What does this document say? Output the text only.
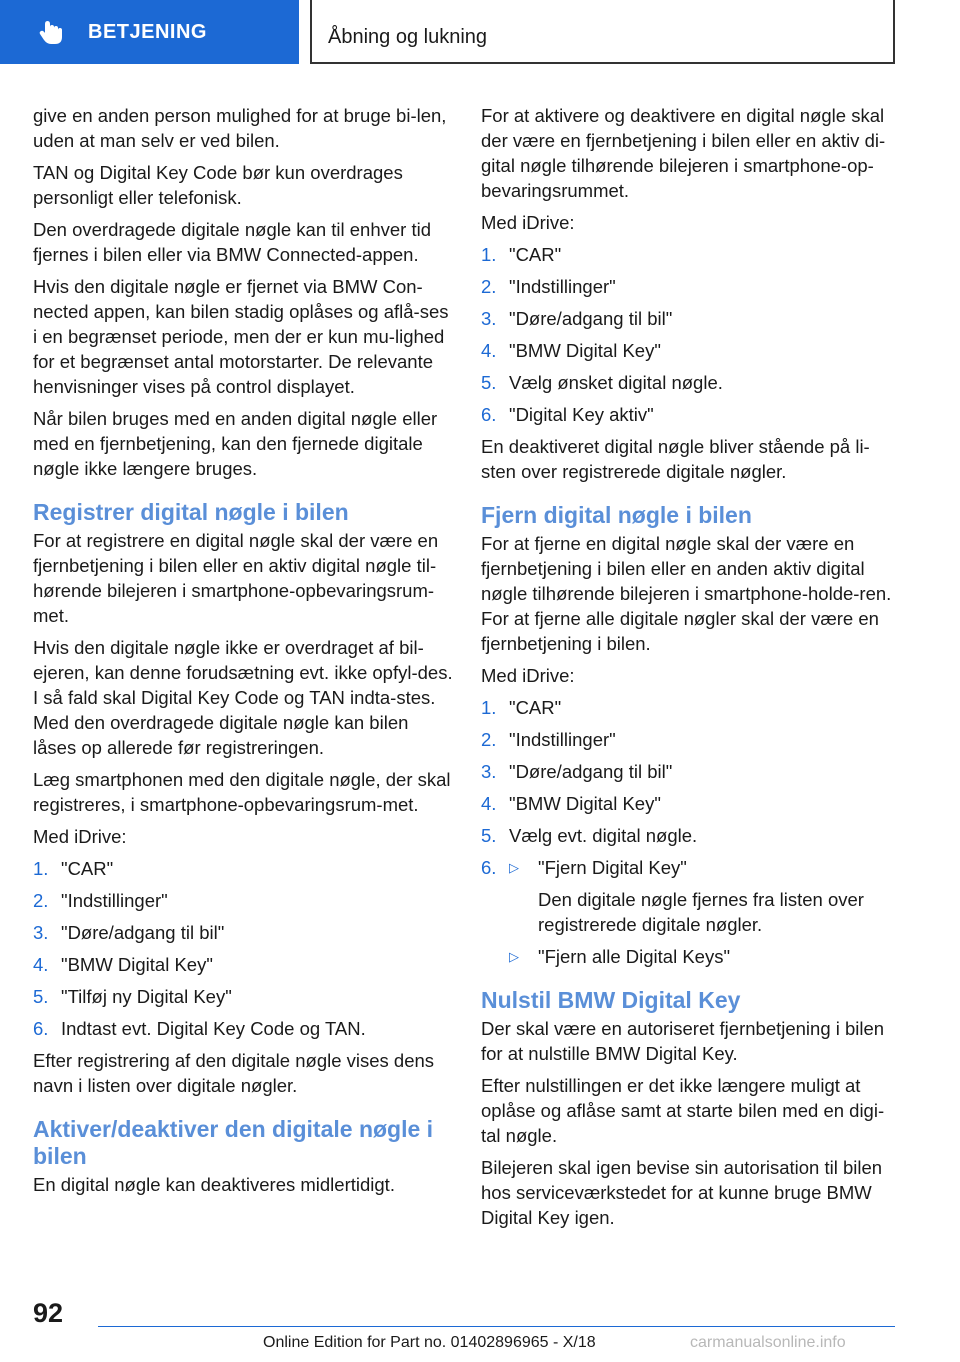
BETJENING	Åbning og lukning

give en anden person mulighed for at bruge bi-len, uden at man selv er ved bilen.

TAN og Digital Key Code bør kun overdrages personligt eller telefonisk.

Den overdragede digitale nøgle kan til enhver tid fjernes i bilen eller via BMW Connected-appen.

Hvis den digitale nøgle er fjernet via BMW Con-nected appen, kan bilen stadig oplåses og aflå-ses i en begrænset periode, men der er kun mu-lighed for et begrænset antal motorstarter. De relevante henvisninger vises på control displayet.

Når bilen bruges med en anden digital nøgle eller med en fjernbetjening, kan den fjernede digitale nøgle ikke længere bruges.

Registrer digital nøgle i bilen

For at registrere en digital nøgle skal der være en fjernbetjening i bilen eller en aktiv digital nøgle til-hørende bilejeren i smartphone-opbevaringsrum-met.

Hvis den digitale nøgle ikke er overdraget af bil-ejeren, kan denne forudsætning evt. ikke opfyl-des. I så fald skal Digital Key Code og TAN indta-stes. Med den overdragede digitale nøgle kan bilen låses op allerede før registreringen.

Læg smartphonen med den digitale nøgle, der skal registreres, i smartphone-opbevaringsrum-met.

Med iDrive:

1. "CAR"
2. "Indstillinger"
3. "Døre/adgang til bil"
4. "BMW Digital Key"
5. "Tilføj ny Digital Key"
6. Indtast evt. Digital Key Code og TAN.

Efter registrering af den digitale nøgle vises dens navn i listen over digitale nøgler.

Aktiver/deaktiver den digitale nøgle i bilen

En digital nøgle kan deaktiveres midlertidigt.

For at aktivere og deaktivere en digital nøgle skal der være en fjernbetjening i bilen eller en aktiv di-gital nøgle tilhørende bilejeren i smartphone-op-bevaringsrummet.

Med iDrive:

1. "CAR"
2. "Indstillinger"
3. "Døre/adgang til bil"
4. "BMW Digital Key"
5. Vælg ønsket digital nøgle.
6. "Digital Key aktiv"

En deaktiveret digital nøgle bliver stående på li-sten over registrerede digitale nøgler.

Fjern digital nøgle i bilen

For at fjerne en digital nøgle skal der være en fjernbetjening i bilen eller en anden aktiv digital nøgle tilhørende bilejeren i smartphone-holde-ren. For at fjerne alle digitale nøgler skal der være en fjernbetjening i bilen.

Med iDrive:

1. "CAR"
2. "Indstillinger"
3. "Døre/adgang til bil"
4. "BMW Digital Key"
5. Vælg evt. digital nøgle.
6. ▷	"Fjern Digital Key"
Den digitale nøgle fjernes fra listen over registrerede digitale nøgler.
▷	"Fjern alle Digital Keys"
Nulstil BMW Digital Key

Der skal være en autoriseret fjernbetjening i bilen for at nulstille BMW Digital Key.

Efter nulstillingen er det ikke længere muligt at oplåse og aflåse samt at starte bilen med en digi-tal nøgle.

Bilejeren skal igen bevise sin autorisation til bilen hos serviceværkstedet for at kunne bruge BMW Digital Key igen.

92
Online Edition for Part no. 01402896965 - X/18	carmanualsonline.info
